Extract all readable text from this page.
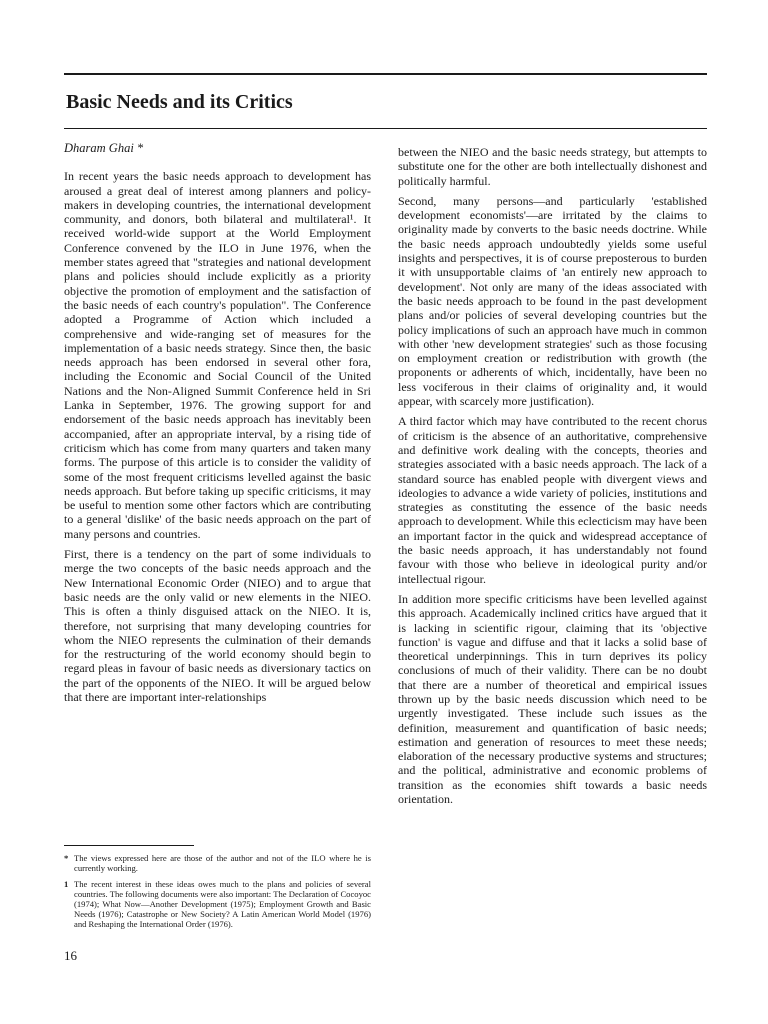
Basic Needs and its Critics
Dharam Ghai *

In recent years the basic needs approach to development has aroused a great deal of interest among planners and policy-makers in developing countries, the international development community, and donors, both bilateral and multilateral¹. It received world-wide support at the World Employment Conference convened by the ILO in June 1976, when the member states agreed that "strategies and national development plans and policies should include explicitly as a priority objective the promotion of employment and the satisfaction of the basic needs of each country's population". The Conference adopted a Programme of Action which included a comprehensive and wide-ranging set of measures for the implementation of a basic needs strategy. Since then, the basic needs approach has been endorsed in several other fora, including the Economic and Social Council of the United Nations and the Non-Aligned Summit Conference held in Sri Lanka in September, 1976. The growing support for and endorsement of the basic needs approach has inevitably been accompanied, after an appropriate interval, by a rising tide of criticism which has come from many quarters and taken many forms. The purpose of this article is to consider the validity of some of the most frequent criticisms levelled against the basic needs approach. But before taking up specific criticisms, it may be useful to mention some other factors which are contributing to a general 'dislike' of the basic needs approach on the part of many persons and countries.

First, there is a tendency on the part of some individuals to merge the two concepts of the basic needs approach and the New International Economic Order (NIEO) and to argue that basic needs are the only valid or new elements in the NIEO. This is often a thinly disguised attack on the NIEO. It is, therefore, not surprising that many developing countries for whom the NIEO represents the culmination of their demands for the restructuring of the world economy should begin to regard pleas in favour of basic needs as diversionary tactics on the part of the opponents of the NIEO. It will be argued below that there are important inter-relationships

between the NIEO and the basic needs strategy, but attempts to substitute one for the other are both intellectually dishonest and politically harmful.

Second, many persons—and particularly 'established development economists'—are irritated by the claims to originality made by converts to the basic needs doctrine. While the basic needs approach undoubtedly yields some useful insights and perspectives, it is of course preposterous to burden it with unsupportable claims of 'an entirely new approach to development'. Not only are many of the ideas associated with the basic needs approach to be found in the past development plans and/or policies of several developing countries but the policy implications of such an approach have much in common with other 'new development strategies' such as those focusing on employment creation or redistribution with growth (the proponents or adherents of which, incidentally, have been no less vociferous in their claims of originality and, it would appear, with scarcely more justification).

A third factor which may have contributed to the recent chorus of criticism is the absence of an authoritative, comprehensive and definitive work dealing with the concepts, theories and strategies associated with a basic needs approach. The lack of a standard source has enabled people with divergent views and ideologies to advance a wide variety of policies, institutions and strategies as constituting the essence of the basic needs approach to development. While this eclecticism may have been an important factor in the quick and widespread acceptance of the basic needs approach, it has understandably not found favour with those who believe in ideological purity and/or intellectual rigour.

In addition more specific criticisms have been levelled against this approach. Academically inclined critics have argued that it is lacking in scientific rigour, claiming that its 'objective function' is vague and diffuse and that it lacks a solid base of theoretical underpinnings. This in turn deprives its policy conclusions of much of their validity. There can be no doubt that there are a number of theoretical and empirical issues thrown up by the basic needs discussion which need to be urgently investigated. These include such issues as the definition, measurement and quantification of basic needs; estimation and generation of resources to meet these needs; elaboration of the necessary productive systems and structures; and the political, administrative and economic problems of transition as the economies shift towards a basic needs orientation.

* The views expressed here are those of the author and not of the ILO where he is currently working.
1 The recent interest in these ideas owes much to the plans and policies of several countries. The following documents were also important: The Declaration of Cocoyoc (1974); What Now—Another Development (1975); Employment Growth and Basic Needs (1976); Catastrophe or New Society? A Latin American World Model (1976) and Reshaping the International Order (1976).
16
